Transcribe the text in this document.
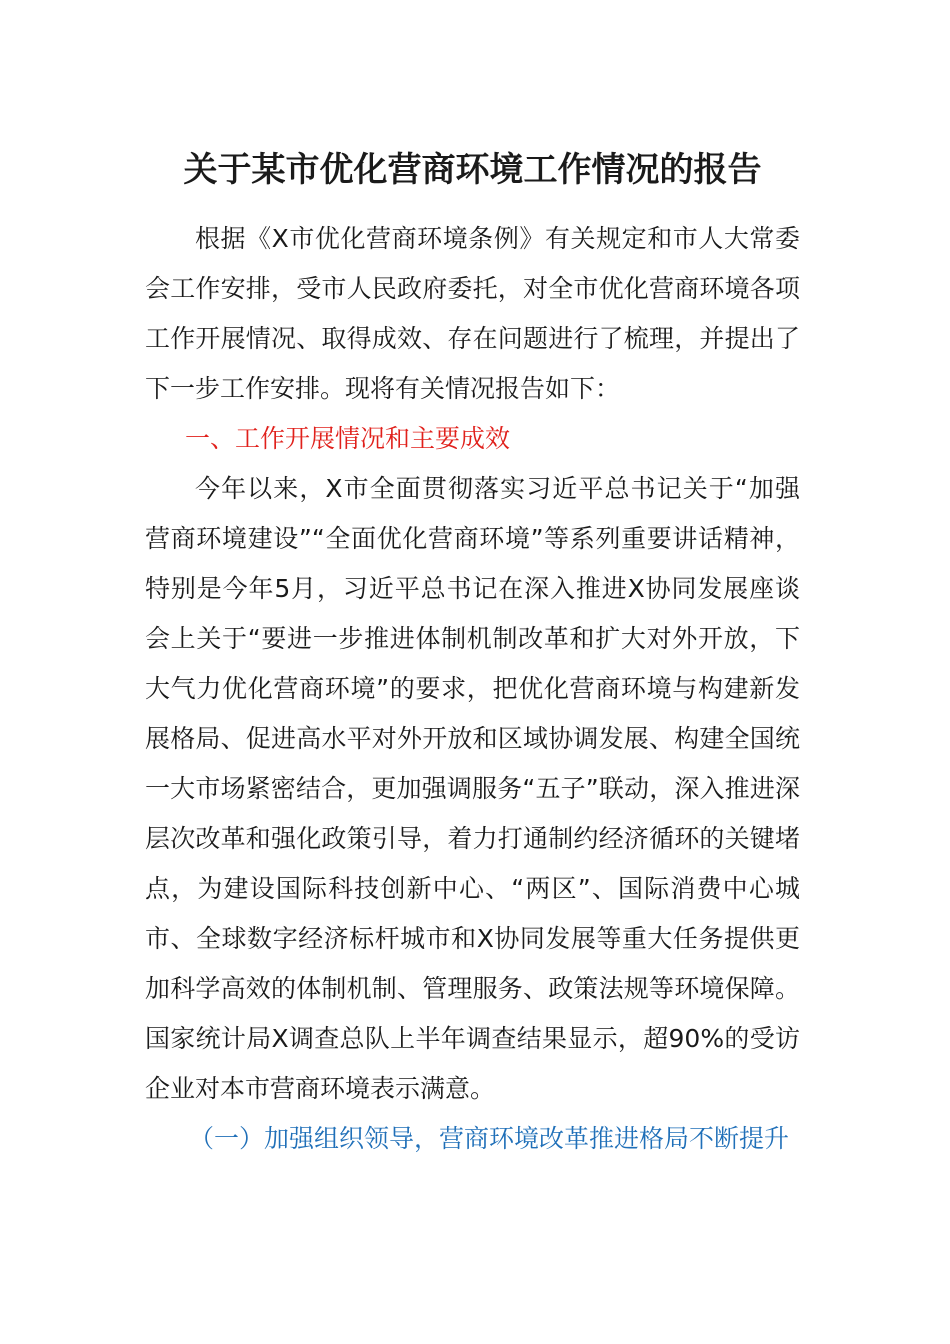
关于某市优化营商环境工作情况的报告

根据《X市优化营商环境条例》有关规定和市人大常委会工作安排，受市人民政府委托，对全市优化营商环境各项工作开展情况、取得成效、存在问题进行了梳理，并提出了下一步工作安排。现将有关情况报告如下：

一、工作开展情况和主要成效

今年以来，X市全面贯彻落实习近平总书记关于“加强营商环境建设”“全面优化营商环境”等系列重要讲话精神，特别是今年5月，习近平总书记在深入推进X协同发展座谈会上关于“要进一步推进体制机制改革和扩大对外开放，下大气力优化营商环境”的要求，把优化营商环境与构建新发展格局、促进高水平对外开放和区域协调发展、构建全国统一大市场紧密结合，更加强调服务“五子”联动，深入推进深层次改革和强化政策引导，着力打通制约经济循环的关键堵点，为建设国际科技创新中心、“两区”、国际消费中心城市、全球数字经济标杆城市和X协同发展等重大任务提供更加科学高效的体制机制、管理服务、政策法规等环境保障。国家统计局X调查总队上半年调查结果显示，超90%的受访企业对本市营商环境表示满意。

（一）加强组织领导，营商环境改革推进格局不断提升
